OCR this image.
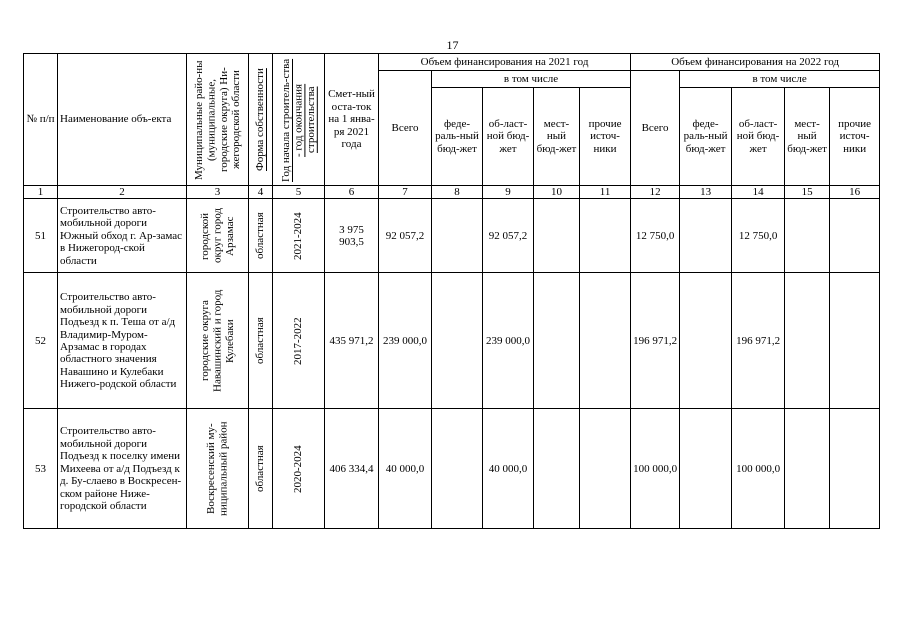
17
№ п/п	Наименование объ-екта	Муниципальные райо-ны (муниципальные, городские округа) Ни-жегородской области	Форма собственности	Год начала строитель-ства - год окончания строительства	Смет-ный оста-ток на 1 янва-ря 2021 года	Объем финансирования на 2021 год					Объем финансирования на 2022 год				
						Всего	в том числе				Всего	в том числе			
							феде-раль-ный бюд-жет	об-ласт-ной бюд-жет	мест-ный бюд-жет	прочие источ-ники		феде-раль-ный бюд-жет	об-ласт-ной бюд-жет	мест-ный бюд-жет	прочие источ-ники
1	2	3	4	5	6	7	8	9	10	11	12	13	14	15	16
51	Строительство авто-мобильной дороги Южный обход г. Ар-замас в Нижегород-ской области	городской округ город Арзамас	областная	2021-2024	3 975 903,5	92 057,2		92 057,2			12 750,0		12 750,0		
52	Строительство авто-мобильной дороги Подъезд к п. Теша от а/д Владимир-Муром-Арзамас в городах областного значения Навашино и Кулебаки Нижего-родской области	городские округа Навашинский и город Кулебаки	областная	2017-2022	435 971,2	239 000,0		239 000,0			196 971,2		196 971,2		
53	Строительство авто-мобильной дороги Подъезд к поселку имени Михеева от а/д Подъезд к д. Бу-слаево в Воскресен-ском районе Ниже-городской области	Воскресенский му-ниципальный район	областная	2020-2024	406 334,4	40 000,0		40 000,0			100 000,0		100 000,0		
